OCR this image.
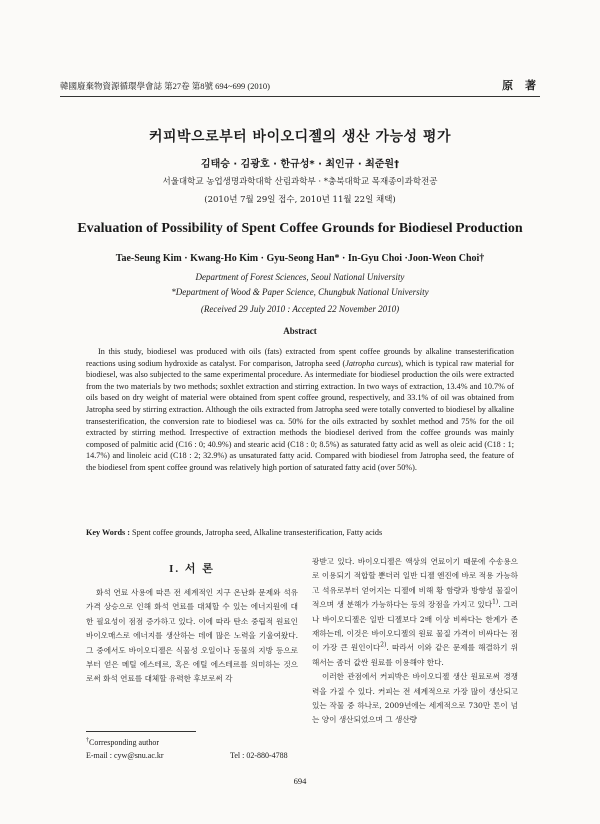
韓國廢棄物資源循環學會誌 第27卷 第8號 694~699 (2010)	原 著
커피박으로부터 바이오디젤의 생산 가능성 평가
김태승 · 김광호 · 한규성* · 최인규 · 최준원†
서울대학교 농업생명과학대학 산림과학부 · *충북대학교 목재종이과학전공
(2010년 7월 29일 접수, 2010년 11월 22일 채택)
Evaluation of Possibility of Spent Coffee Grounds for Biodiesel Production
Tae-Seung Kim · Kwang-Ho Kim · Gyu-Seong Han* · In-Gyu Choi ·Joon-Weon Choi†
Department of Forest Sciences, Seoul National University
*Department of Wood & Paper Science, Chungbuk National University
(Received 29 July 2010 : Accepted 22 November 2010)
Abstract
In this study, biodiesel was produced with oils (fats) extracted from spent coffee grounds by alkaline transesterification reactions using sodium hydroxide as catalyst. For comparison, Jatropha seed (Jatropha curcus), which is typical raw material for biodiesel, was also subjected to the same experimental procedure. As intermediate for biodiesel production the oils were extracted from the two materials by two methods; soxhlet extraction and stirring extraction. In two ways of extraction, 13.4% and 10.7% of oils based on dry weight of material were obtained from spent coffee ground, respectively, and 33.1% of oil was obtained from Jatropha seed by stirring extraction. Although the oils extracted from Jatropha seed were totally converted to biodiesel by alkaline transesterification, the conversion rate to biodiesel was ca. 50% for the oils extracted by soxhlet method and 75% for the oil extracted by stirring method. Irrespective of extraction methods the biodiesel derived from the coffee grounds was mainly composed of palmitic acid (C16 : 0; 40.9%) and stearic acid (C18 : 0; 8.5%) as saturated fatty acid as well as oleic acid (C18 : 1; 14.7%) and linoleic acid (C18 : 2; 32.9%) as unsaturated fatty acid. Compared with biodiesel from Jatropha seed, the feature of the biodiesel from spent coffee ground was relatively high portion of saturated fatty acid (over 50%).
Key Words : Spent coffee grounds, Jatropha seed, Alkaline transesterification, Fatty acids
I. 서 론

화석 연료 사용에 따른 전 세계적인 지구 온난화 문제와 석유 가격 상승으로 인해 화석 연료를 대체할 수 있는 에너지원에 대한 필요성이 점점 증가하고 있다. 이에 따라 탄소 중립적 원료인 바이오매스로 에너지를 생산하는 데에 많은 노력을 기울여왔다. 그 중에서도 바이오디젤은 식물성 오일이나 동물의 지방 등으로부터 얻은 메틸 에스테르, 혹은 에틸 에스테르를 의미하는 것으로써 화석 연료를 대체할 유력한 후보로써 각

광받고 있다. 바이오디젤은 액상의 연료이기 때문에 수송용으로 이용되기 적합할 뿐더러 일반 디젤 엔진에 바로 적용 가능하고 석유로부터 얻어지는 디젤에 비해 황 함량과 방향성 물질이 적으며 생 분해가 가능하다는 등의 장점을 가지고 있다$^{1)}$. 그러나 바이오디젤은 일반 디젤보다 2배 이상 비싸다는 한계가 존재하는데, 이것은 바이오디젤의 원료 물질 가격이 비싸다는 점이 가장 큰 원인이다$^{2)}$. 따라서 이와 같은 문제를 해결하기 위해서는 좀더 값싼 원료를 이용해야 한다.

이러한 관점에서 커피박은 바이오디젤 생산 원료로써 경쟁력을 가질 수 있다. 커피는 전 세계적으로 가장 많이 생산되고 있는 작물 중 하나로, 2009년에는 세계적으로 730만 톤이 넘는 양이 생산되었으며 그 생산량

†Corresponding author
E-mail : cyw@snu.ac.kr	Tel : 02-880-4788
694
